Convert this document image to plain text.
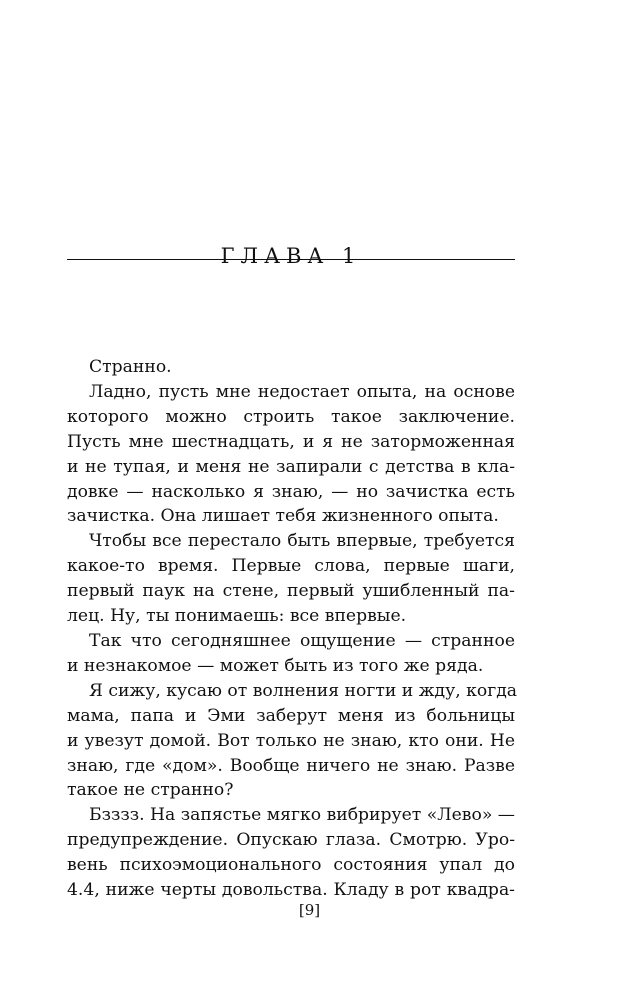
ГЛАВА 1

Странно.

Ладно, пусть мне недостает опыта, на основе
которого можно строить такое заключение.
Пусть мне шестнадцать, и я не заторможенная
и не тупая, и меня не запирали с детства в кла-
довке — насколько я знаю, — но зачистка есть
зачистка. Она лишает тебя жизненного опыта.

Чтобы все перестало быть впервые, требуется
какое-то время. Первые слова, первые шаги,
первый паук на стене, первый ушибленный па-
лец. Ну, ты понимаешь: все впервые.

Так что сегодняшнее ощущение — странное
и незнакомое — может быть из того же ряда.

Я сижу, кусаю от волнения ногти и жду, когда
мама, папа и Эми заберут меня из больницы
и увезут домой. Вот только не знаю, кто они. Не
знаю, где «дом». Вообще ничего не знаю. Разве
такое не странно?

Бзззз. На запястье мягко вибрирует «Лево» —
предупреждение. Опускаю глаза. Смотрю. Уро-
вень психоэмоционального состояния упал до
4.4, ниже черты довольства. Кладу в рот квадра-

[9]
